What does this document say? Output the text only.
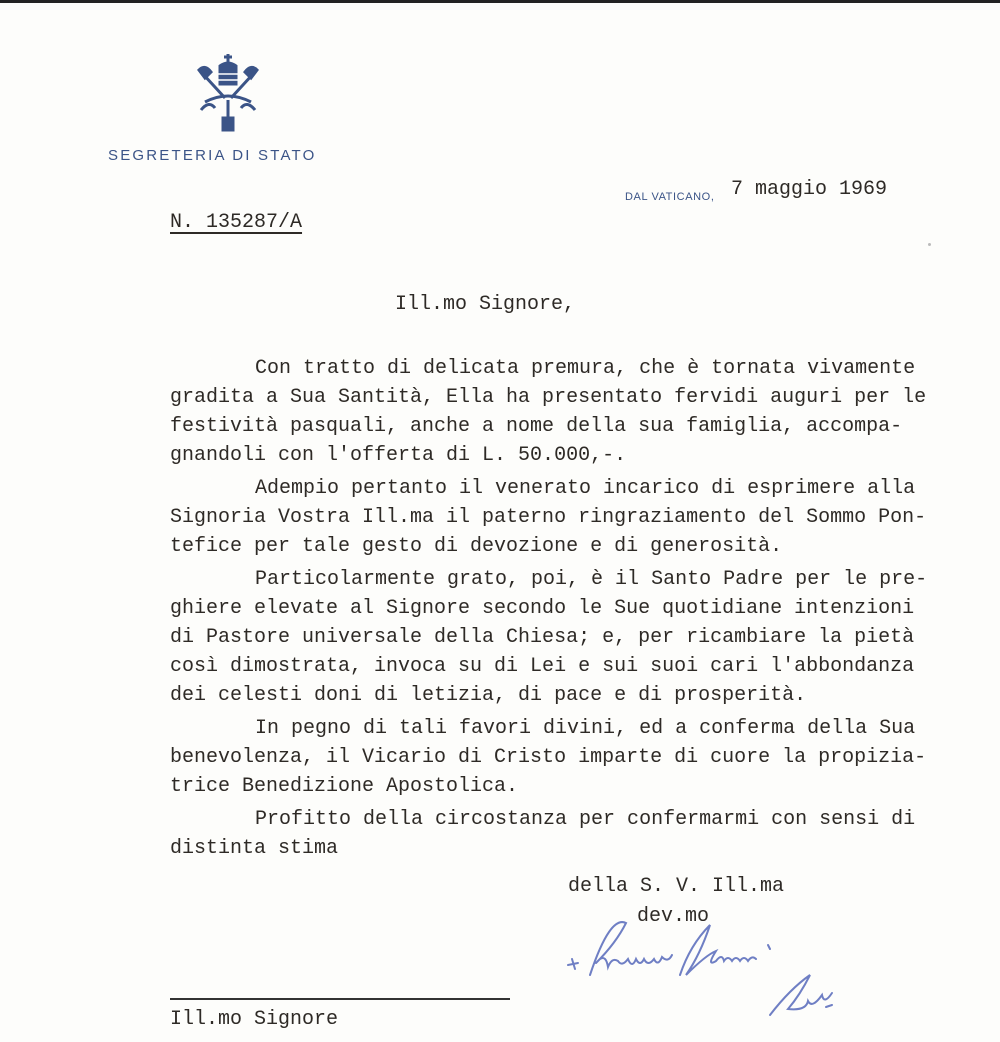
SEGRETERIA DI STATO
DAL VATICANO, 7 maggio 1969
N. 135287/A
Ill.mo Signore,
Con tratto di delicata premura, che è tornata vivamente
gradita a Sua Santità, Ella ha presentato fervidi auguri per le
festività pasquali, anche a nome della sua famiglia, accompa-
gnandoli con l'offerta di L. 50.000,-.
Adempio pertanto il venerato incarico di esprimere alla
Signoria Vostra Ill.ma il paterno ringraziamento del Sommo Pon-
tefice per tale gesto di devozione e di generosità.
Particolarmente grato, poi, è il Santo Padre per le pre-
ghiere elevate al Signore secondo le Sue quotidiane intenzioni
di Pastore universale della Chiesa; e, per ricambiare la pietà
così dimostrata, invoca su di Lei e sui suoi cari l'abbondanza
dei celesti doni di letizia, di pace e di prosperità.
In pegno di tali favori divini, ed a conferma della Sua
benevolenza, il Vicario di Cristo imparte di cuore la propizia-
trice Benedizione Apostolica.
Profitto della circostanza per confermarmi con sensi di
distinta stima
della S. V. Ill.ma
dev.mo
Ill.mo Signore
